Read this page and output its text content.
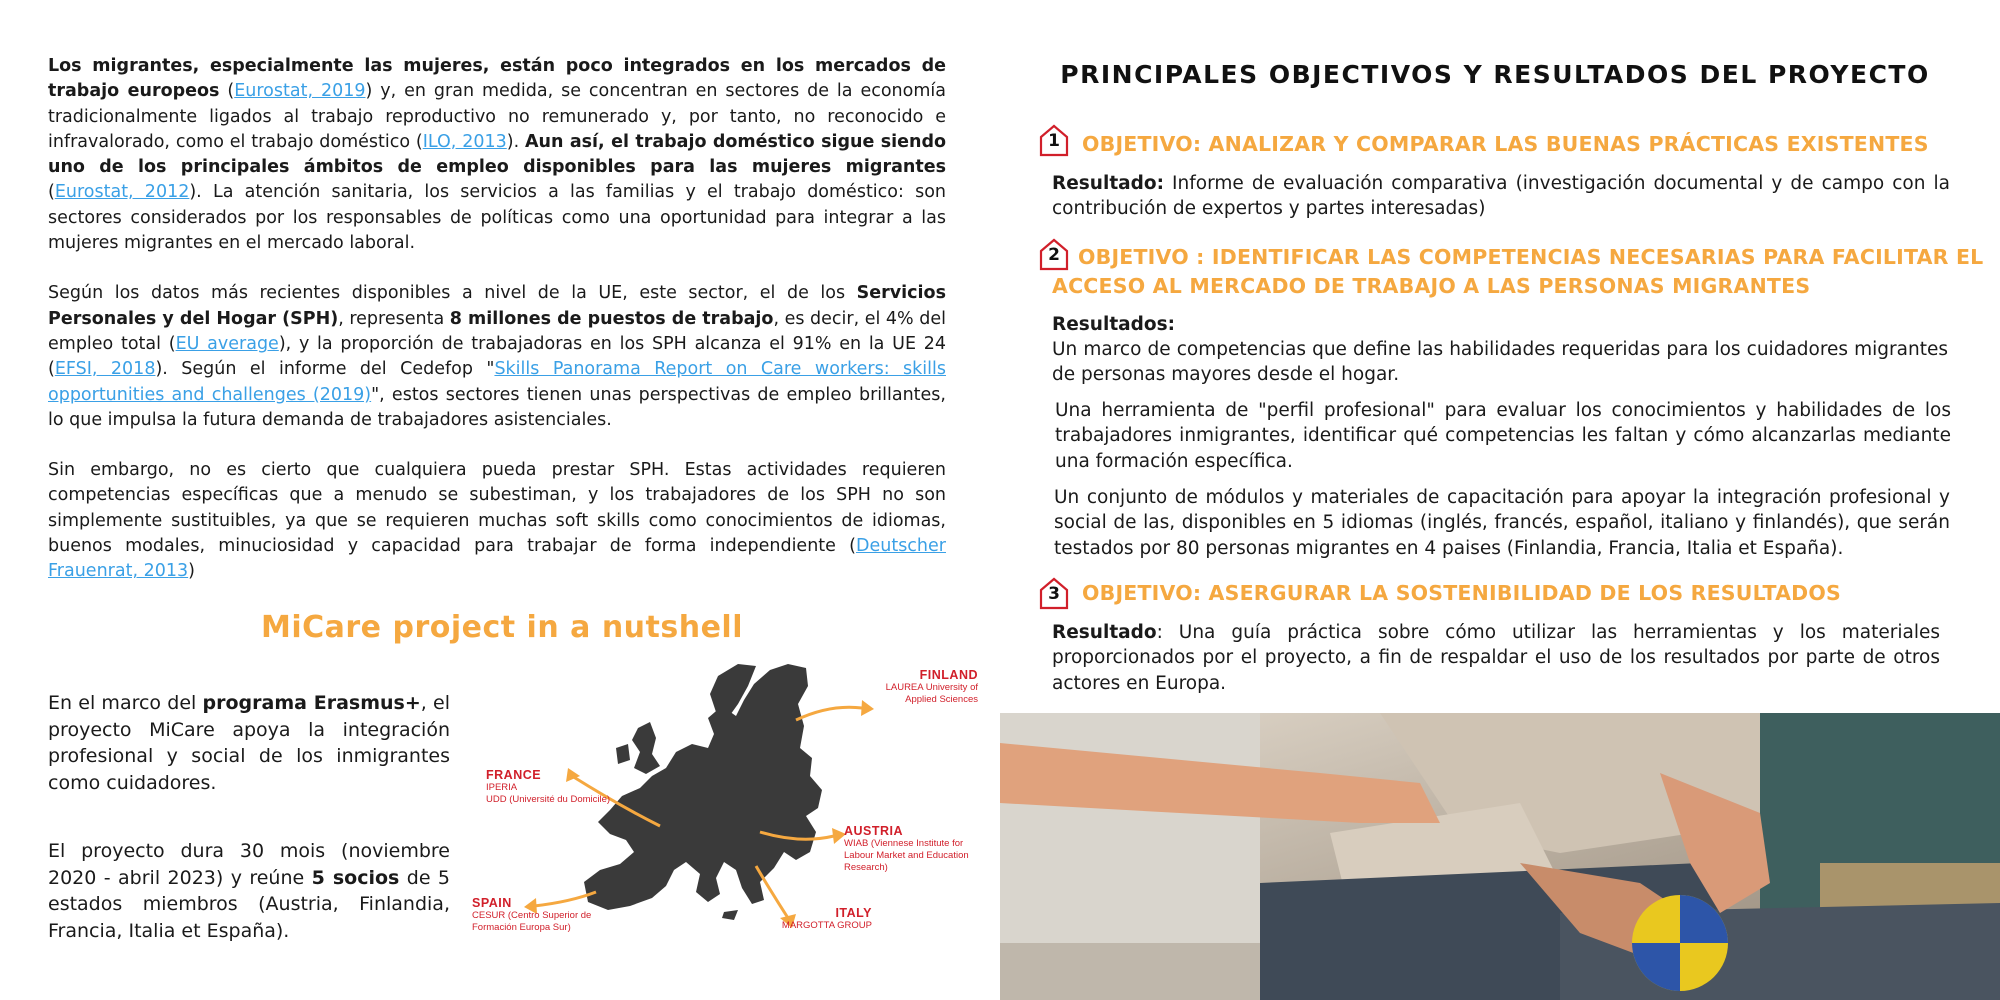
Los migrantes, especialmente las mujeres, están poco integrados en los mercados de trabajo europeos (Eurostat, 2019) y, en gran medida, se concentran en sectores de la economía tradicionalmente ligados al trabajo reproductivo no remunerado y, por tanto, no reconocido e infravalorado, como el trabajo doméstico (ILO, 2013). Aun así, el trabajo doméstico sigue siendo uno de los principales ámbitos de empleo disponibles para las mujeres migrantes (Eurostat, 2012). La atención sanitaria, los servicios a las familias y el trabajo doméstico: son sectores considerados por los responsables de políticas como una oportunidad para integrar a las mujeres migrantes en el mercado laboral.

Según los datos más recientes disponibles a nivel de la UE, este sector, el de los Servicios Personales y del Hogar (SPH), representa 8 millones de puestos de trabajo, es decir, el 4% del empleo total (EU average), y la proporción de trabajadoras en los SPH alcanza el 91% en la UE 24 (EFSI, 2018). Según el informe del Cedefop "Skills Panorama Report on Care workers: skills opportunities and challenges (2019)", estos sectores tienen unas perspectivas de empleo brillantes, lo que impulsa la futura demanda de trabajadores asistenciales.

Sin embargo, no es cierto que cualquiera pueda prestar SPH. Estas actividades requieren competencias específicas que a menudo se subestiman, y los trabajadores de los SPH no son simplemente sustituibles, ya que se requieren muchas soft skills como conocimientos de idiomas, buenos modales, minuciosidad y capacidad para trabajar de forma independiente (Deutscher Frauenrat, 2013)

MiCare project in a nutshell

En el marco del programa Erasmus+, el proyecto MiCare apoya la integración profesional y social de los inmigrantes como cuidadores.

El proyecto dura 30 mois (noviembre 2020 - abril 2023) y reúne 5 socios de 5 estados miembros (Austria, Finlandia, Francia, Italia et España).

FINLAND
LAUREA University of Applied Sciences
FRANCE
IPERIA
UDD (Université du Domicile)
AUSTRIA
WIAB (Viennese Institute for Labour Market and Education Research)
SPAIN
CESUR (Centro Superior de Formación Europa Sur)
ITALY
MARGOTTA GROUP
PRINCIPALES OBJECTIVOS Y RESULTADOS DEL PROYECTO
1	OBJETIVO: ANALIZAR Y COMPARAR LAS BUENAS PRÁCTICAS EXISTENTES
Resultado: Informe de evaluación comparativa (investigación documental y de campo con la contribución de expertos y partes interesadas)
2 OBJETIVO : IDENTIFICAR LAS COMPETENCIAS NECESARIAS PARA FACILITAR EL
ACCESO AL MERCADO DE TRABAJO A LAS PERSONAS MIGRANTES
Resultados:
Un marco de competencias que define las habilidades requeridas para los cuidadores migrantes de personas mayores desde el hogar.
Una herramienta de "perfil profesional" para evaluar los conocimientos y habilidades de los trabajadores inmigrantes, identificar qué competencias les faltan y cómo alcanzarlas mediante una formación específica.
Un conjunto de módulos y materiales de capacitación para apoyar la integración profesional y social de las, disponibles en 5 idiomas (inglés, francés, español, italiano y finlandés), que serán testados por 80 personas migrantes en 4 paises (Finlandia, Francia, Italia et España).
3	OBJETIVO: ASERGURAR LA SOSTENIBILIDAD DE LOS RESULTADOS
Resultado: Una guía práctica sobre cómo utilizar las herramientas y los materiales proporcionados por el proyecto, a fin de respaldar el uso de los resultados por parte de otros actores en Europa.
